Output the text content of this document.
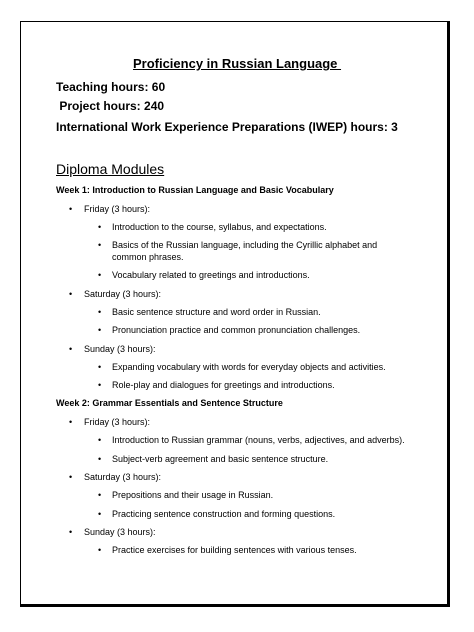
Proficiency in Russian Language
Teaching hours: 60
Project hours: 240
International Work Experience Preparations (IWEP) hours: 3
Diploma Modules
Week 1: Introduction to Russian Language and Basic Vocabulary
• Friday (3 hours):
• Introduction to the course, syllabus, and expectations.
• Basics of the Russian language, including the Cyrillic alphabet and common phrases.
• Vocabulary related to greetings and introductions.
• Saturday (3 hours):
• Basic sentence structure and word order in Russian.
• Pronunciation practice and common pronunciation challenges.
• Sunday (3 hours):
• Expanding vocabulary with words for everyday objects and activities.
• Role-play and dialogues for greetings and introductions.
Week 2: Grammar Essentials and Sentence Structure
• Friday (3 hours):
• Introduction to Russian grammar (nouns, verbs, adjectives, and adverbs).
• Subject-verb agreement and basic sentence structure.
• Saturday (3 hours):
• Prepositions and their usage in Russian.
• Practicing sentence construction and forming questions.
• Sunday (3 hours):
• Practice exercises for building sentences with various tenses.
